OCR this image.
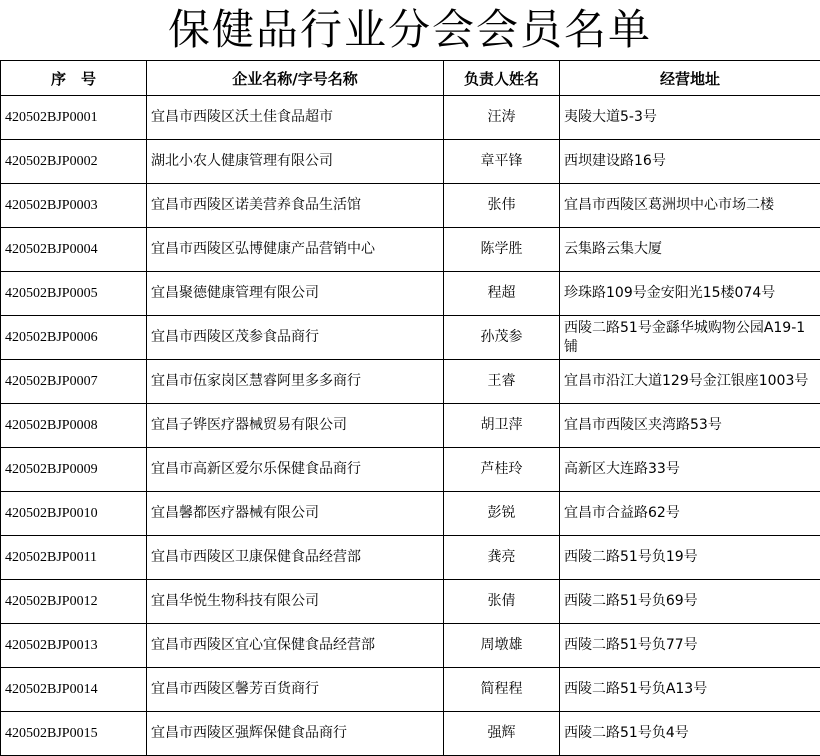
保健品行业分会会员名单
序　号	企业名称/字号名称	负责人姓名	经营地址
420502BJP0001	宜昌市西陵区沃土佳食品超市	汪涛	夷陵大道5-3号
420502BJP0002	湖北小农人健康管理有限公司	章平锋	西坝建设路16号
420502BJP0003	宜昌市西陵区诺美营养食品生活馆	张伟	宜昌市西陵区葛洲坝中心市场二楼
420502BJP0004	宜昌市西陵区弘博健康产品营销中心	陈学胜	云集路云集大厦
420502BJP0005	宜昌聚德健康管理有限公司	程超	珍珠路109号金安阳光15楼074号
420502BJP0006	宜昌市西陵区茂参食品商行	孙茂参	西陵二路51号金繇华城购物公园A19-1铺
420502BJP0007	宜昌市伍家岗区慧睿阿里多多商行	王睿	宜昌市沿江大道129号金江银座1003号
420502BJP0008	宜昌子铧医疗器械贸易有限公司	胡卫萍	宜昌市西陵区夹湾路53号
420502BJP0009	宜昌市高新区爱尔乐保健食品商行	芦桂玲	高新区大连路33号
420502BJP0010	宜昌馨都医疗器械有限公司	彭锐	宜昌市合益路62号
420502BJP0011	宜昌市西陵区卫康保健食品经营部	龚亮	西陵二路51号负19号
420502BJP0012	宜昌华悦生物科技有限公司	张倩	西陵二路51号负69号
420502BJP0013	宜昌市西陵区宜心宜保健食品经营部	周墩雄	西陵二路51号负77号
420502BJP0014	宜昌市西陵区馨芳百货商行	简程程	西陵二路51号负A13号
420502BJP0015	宜昌市西陵区强辉保健食品商行	强辉	西陵二路51号负4号
